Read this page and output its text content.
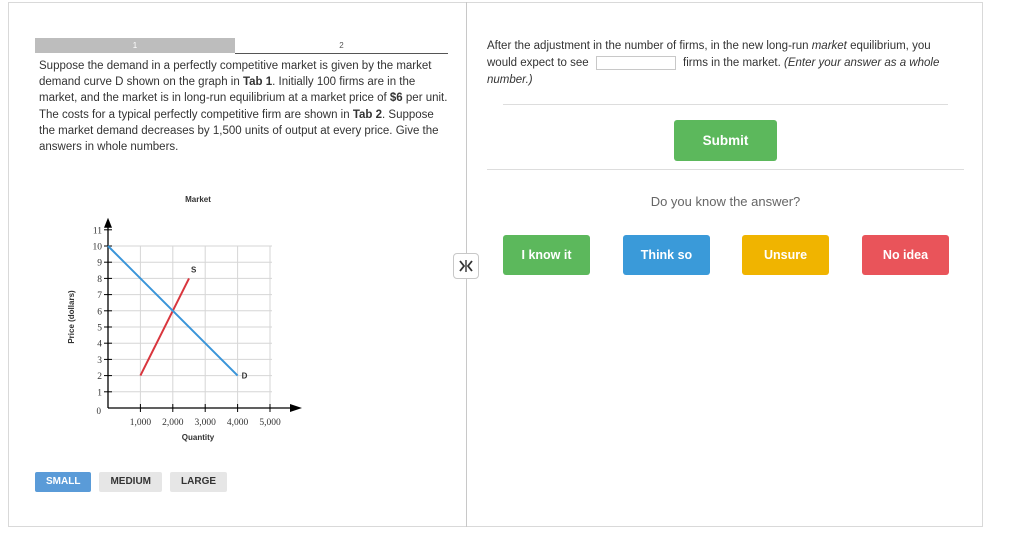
1	2
Suppose the demand in a perfectly competitive market is given by the market demand curve D shown on the graph in Tab 1. Initially 100 firms are in the market, and the market is in long-run equilibrium at a market price of $6 per unit. The costs for a typical perfectly competitive firm are shown in Tab 2. Suppose the market demand decreases by 1,500 units of output at every price. Give the answers in whole numbers.
Market
Price (dollars)
Quantity
0
1
2
3
4
5
6
7
8
9
10
11
1,000 2,000 3,000 4,000 5,000
S
D
SMALL	MEDIUM	LARGE
After the adjustment in the number of firms, in the new long-run market equilibrium, you would expect to see	firms in the market. (Enter your answer as a whole number.)
Submit
Do you know the answer?
I know it	Think so	Unsure	No idea
